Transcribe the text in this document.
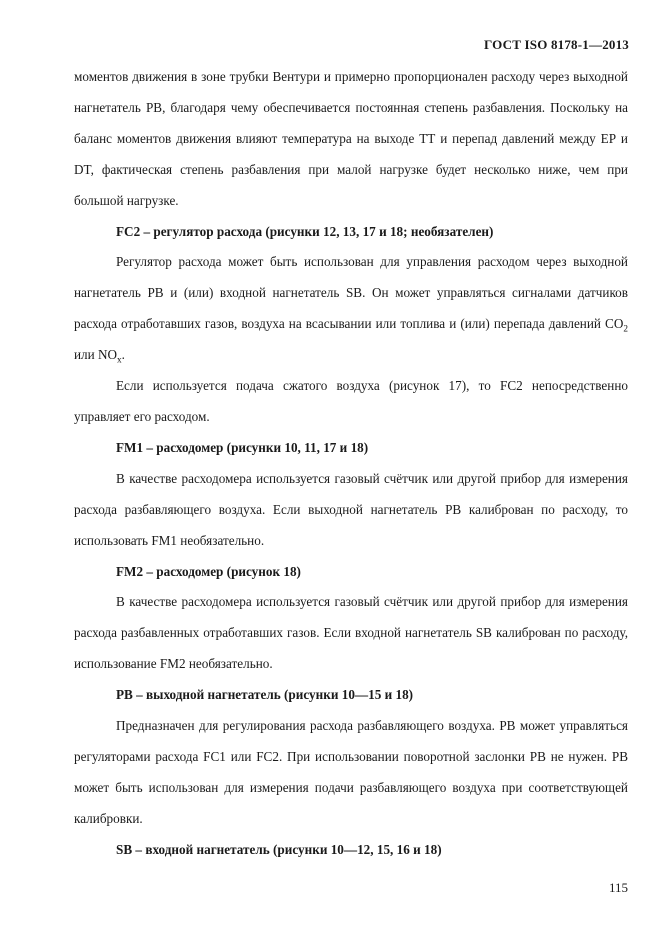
ГОСТ ISO 8178-1—2013

моментов движения в зоне трубки Вентури и примерно пропорционален расходу через выходной нагнетатель РВ, благодаря чему обеспечивается постоянная степень разбавления. Поскольку на баланс моментов движения влияют температура на выходе ТТ и перепад давлений между ЕР и DT, фактическая степень разбавления при малой нагрузке будет несколько ниже, чем при большой нагрузке.

FC2 – регулятор расхода (рисунки 12, 13, 17 и 18; необязателен)

Регулятор расхода может быть использован для управления расходом через выходной нагнетатель РВ и (или) входной нагнетатель SB. Он может управляться сигналами датчиков расхода отработавших газов, воздуха на всасывании или топлива и (или) перепада давлений $CO_2$ или $NO_x$.

Если используется подача сжатого воздуха (рисунок 17), то FC2 непосредственно управляет его расходом.

FM1 – расходомер (рисунки 10, 11, 17 и 18)

В качестве расходомера используется газовый счётчик или другой прибор для измерения расхода разбавляющего воздуха. Если выходной нагнетатель РВ калиброван по расходу, то использовать FM1 необязательно.

FM2 – расходомер (рисунок 18)

В качестве расходомера используется газовый счётчик или другой прибор для измерения расхода разбавленных отработавших газов. Если входной нагнетатель SB калиброван по расходу, использование FM2 необязательно.

РВ – выходной нагнетатель (рисунки 10—15 и 18)

Предназначен для регулирования расхода разбавляющего воздуха. РВ может управляться регуляторами расхода FC1 или FC2. При использовании поворотной заслонки РВ не нужен. РВ может быть использован для измерения подачи разбавляющего воздуха при соответствующей калибровки.

SB – входной нагнетатель (рисунки 10—12, 15, 16 и 18)

115
